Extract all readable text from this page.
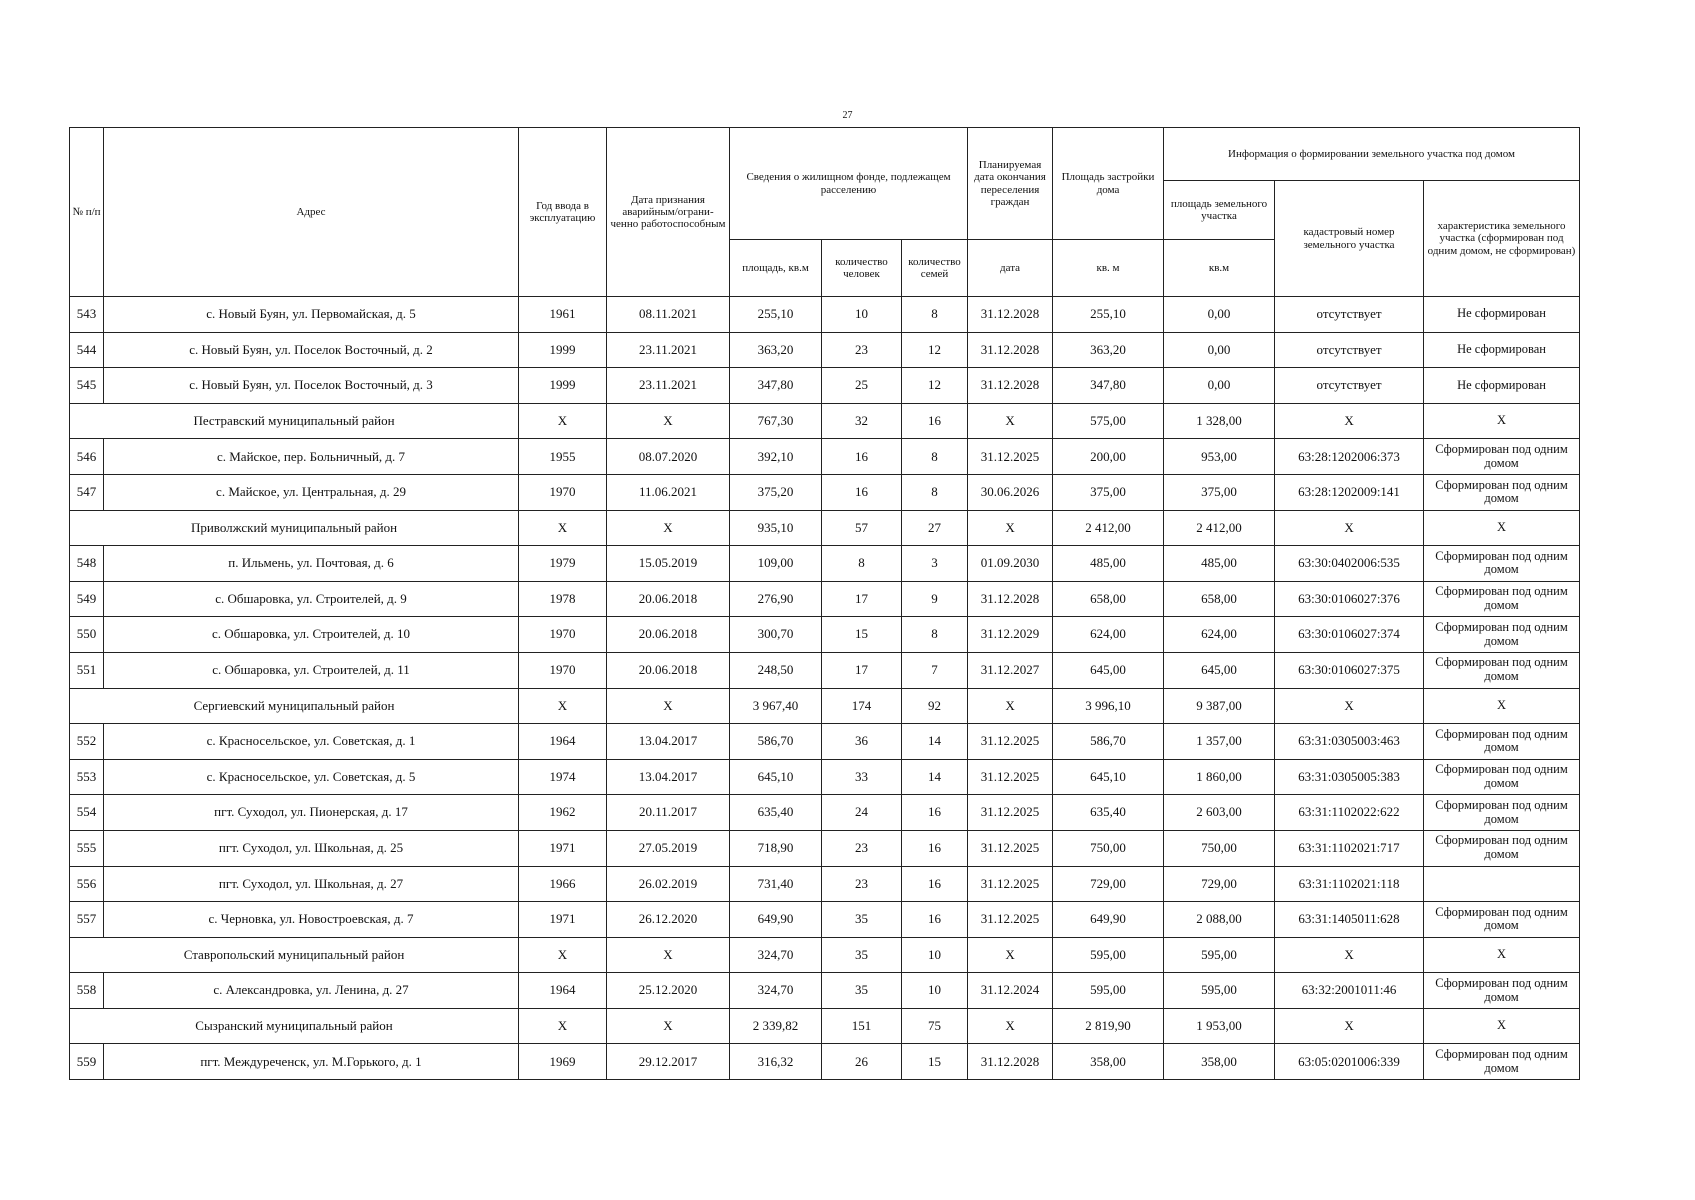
27
№ п/п	Адрес	Год ввода в эксплуатацию	Дата признания аварийным/ограни-ченно работоспособным	Сведения о жилищном фонде, подлежащем расселению			Планируемая дата окончания переселения граждан	Площадь застройки дома	Информация о формировании земельного участка под домом		
									площадь земельного участка	кадастровый номер земельного участка	характеристика земельного участка (сформирован под одним домом, не сформирован)
				площадь, кв.м	количество человек	количество семей	дата	кв. м	кв.м		
543	с. Новый Буян, ул. Первомайская, д. 5	1961	08.11.2021	255,10	10	8	31.12.2028	255,10	0,00	отсутствует	Не сформирован
544	с. Новый Буян, ул. Поселок Восточный, д. 2	1999	23.11.2021	363,20	23	12	31.12.2028	363,20	0,00	отсутствует	Не сформирован
545	с. Новый Буян, ул. Поселок Восточный, д. 3	1999	23.11.2021	347,80	25	12	31.12.2028	347,80	0,00	отсутствует	Не сформирован
Пестравский муниципальный район		X	X	767,30	32	16	X	575,00	1 328,00	X	X
546	с. Майское, пер. Больничный, д. 7	1955	08.07.2020	392,10	16	8	31.12.2025	200,00	953,00	63:28:1202006:373	Сформирован под одним домом
547	с. Майское, ул. Центральная, д. 29	1970	11.06.2021	375,20	16	8	30.06.2026	375,00	375,00	63:28:1202009:141	Сформирован под одним домом
Приволжский муниципальный район		X	X	935,10	57	27	X	2 412,00	2 412,00	X	X
548	п. Ильмень, ул. Почтовая, д. 6	1979	15.05.2019	109,00	8	3	01.09.2030	485,00	485,00	63:30:0402006:535	Сформирован под одним домом
549	с. Обшаровка, ул. Строителей, д. 9	1978	20.06.2018	276,90	17	9	31.12.2028	658,00	658,00	63:30:0106027:376	Сформирован под одним домом
550	с. Обшаровка, ул. Строителей, д. 10	1970	20.06.2018	300,70	15	8	31.12.2029	624,00	624,00	63:30:0106027:374	Сформирован под одним домом
551	с. Обшаровка, ул. Строителей, д. 11	1970	20.06.2018	248,50	17	7	31.12.2027	645,00	645,00	63:30:0106027:375	Сформирован под одним домом
Сергиевский муниципальный район		X	X	3 967,40	174	92	X	3 996,10	9 387,00	X	X
552	с. Красносельское, ул. Советская, д. 1	1964	13.04.2017	586,70	36	14	31.12.2025	586,70	1 357,00	63:31:0305003:463	Сформирован под одним домом
553	с. Красносельское, ул. Советская, д. 5	1974	13.04.2017	645,10	33	14	31.12.2025	645,10	1 860,00	63:31:0305005:383	Сформирован под одним домом
554	пгт. Суходол, ул. Пионерская, д. 17	1962	20.11.2017	635,40	24	16	31.12.2025	635,40	2 603,00	63:31:1102022:622	Сформирован под одним домом
555	пгт. Суходол, ул. Школьная, д. 25	1971	27.05.2019	718,90	23	16	31.12.2025	750,00	750,00	63:31:1102021:717	Сформирован под одним домом
556	пгт. Суходол, ул. Школьная, д. 27	1966	26.02.2019	731,40	23	16	31.12.2025	729,00	729,00	63:31:1102021:118	
557	с. Черновка, ул. Новостроевская, д. 7	1971	26.12.2020	649,90	35	16	31.12.2025	649,90	2 088,00	63:31:1405011:628	Сформирован под одним домом
Ставропольский муниципальный район		X	X	324,70	35	10	X	595,00	595,00	X	X
558	с. Александровка, ул. Ленина, д. 27	1964	25.12.2020	324,70	35	10	31.12.2024	595,00	595,00	63:32:2001011:46	Сформирован под одним домом
Сызранский муниципальный район		X	X	2 339,82	151	75	X	2 819,90	1 953,00	X	X
559	пгт. Междуреченск, ул. М.Горького, д. 1	1969	29.12.2017	316,32	26	15	31.12.2028	358,00	358,00	63:05:0201006:339	Сформирован под одним домом
